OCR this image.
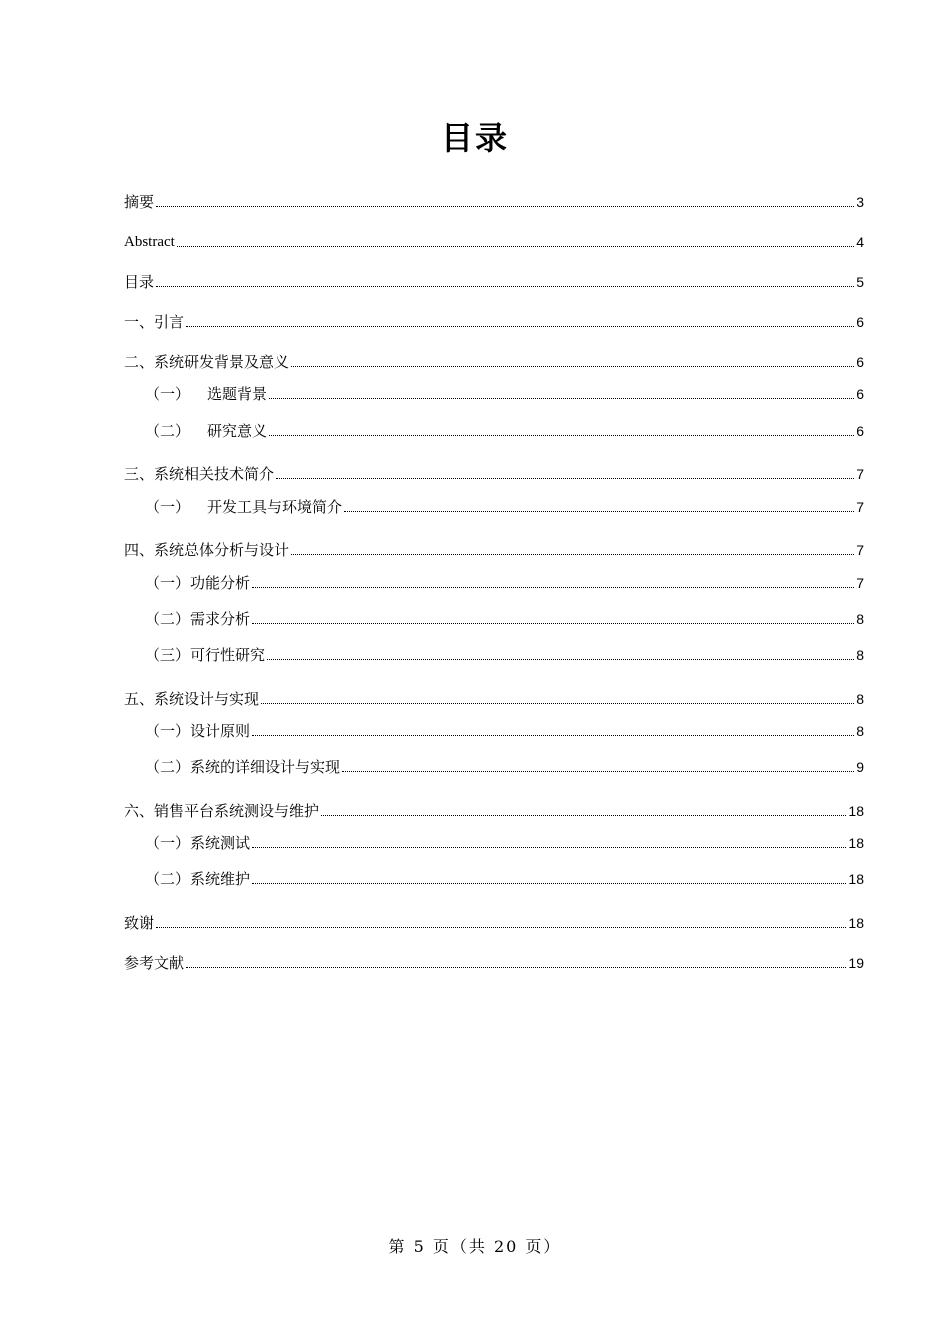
目录
摘要	3
Abstract	4
目录	5
一、引言	6
二、系统研发背景及意义	6
（一）	选题背景	6
（二）	研究意义	6
三、系统相关技术简介	7
（一）	开发工具与环境简介	7
四、系统总体分析与设计	7
（一）功能分析	7
（二）需求分析	8
（三）可行性研究	8
五、系统设计与实现	8
（一）设计原则	8
（二）系统的详细设计与实现	9
六、销售平台系统测设与维护	18
（一）系统测试	18
（二）系统维护	18
致谢	18
参考文献	19
第 5 页（共 20 页）
